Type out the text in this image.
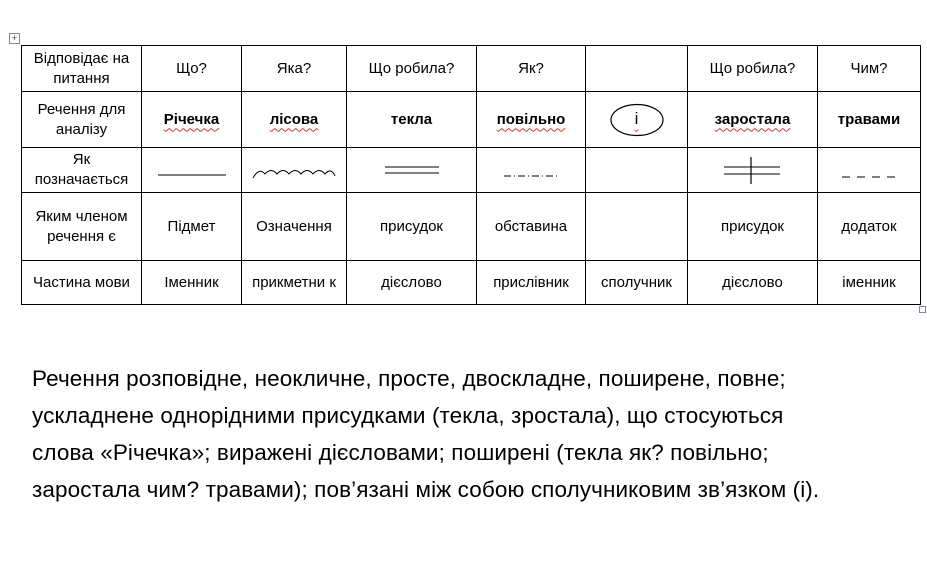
+
Відповідає на питання	Що?	Яка?	Що робила?	Як?		Що робила?	Чим?
Речення для аналізу	Річечка	лісова	текла	повільно	і	заростала	травами
Як позначається	

Яким членом речення є	Підмет	Означення	присудок	обставина		присудок	додаток
Частина мови	Іменник	прикметни к	дієслово	прислівник	сполучник	дієслово	іменник

Речення розповідне, неокличне, просте, двоскладне, поширене, повне;

ускладнене однорідними присудками (текла, зростала), що стосуються

слова «Річечка»; виражені дієсловами; поширені (текла як? повільно;

заростала чим? травами); пов’язані між собою сполучниковим зв’язком (і).
